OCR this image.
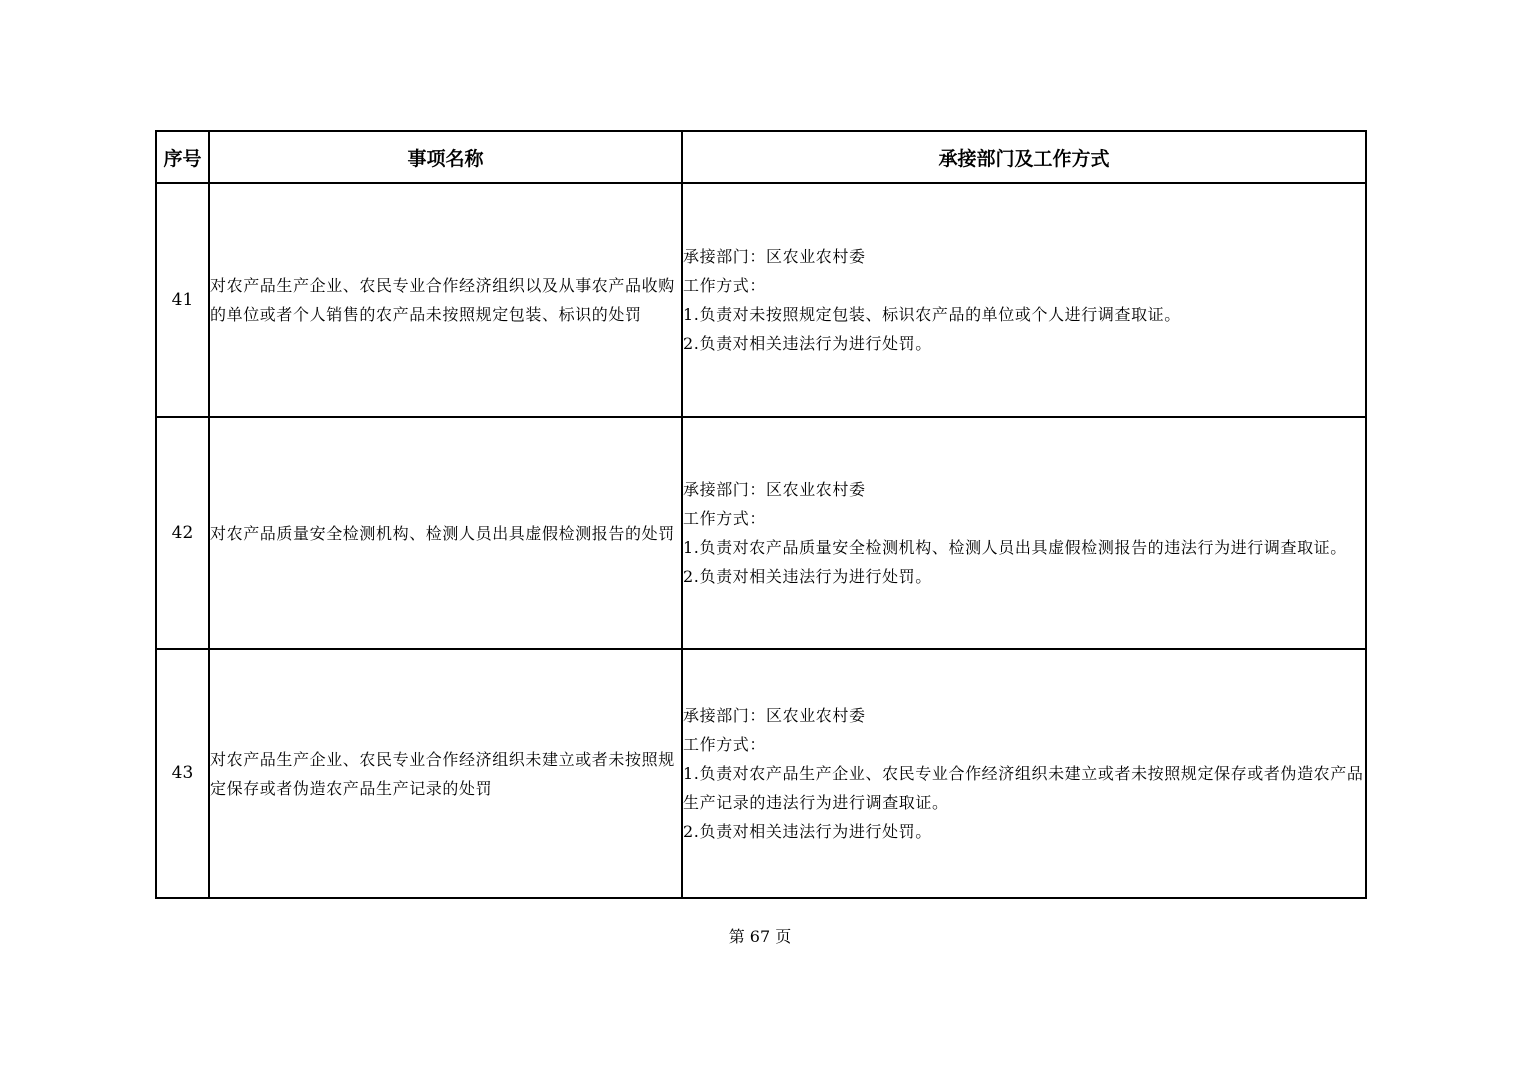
序号	事项名称	承接部门及工作方式
41	对农产品生产企业、农民专业合作经济组织以及从事农产品收购的单位或者个人销售的农产品未按照规定包装、标识的处罚	承接部门：区农业农村委
工作方式：
1.负责对未按照规定包装、标识农产品的单位或个人进行调查取证。
2.负责对相关违法行为进行处罚。

42	对农产品质量安全检测机构、检测人员出具虚假检测报告的处罚	承接部门：区农业农村委
工作方式：
1.负责对农产品质量安全检测机构、检测人员出具虚假检测报告的违法行为进行调查取证。
2.负责对相关违法行为进行处罚。

43	对农产品生产企业、农民专业合作经济组织未建立或者未按照规定保存或者伪造农产品生产记录的处罚	承接部门：区农业农村委
工作方式：
1.负责对农产品生产企业、农民专业合作经济组织未建立或者未按照规定保存或者伪造农产品生产记录的违法行为进行调查取证。
2.负责对相关违法行为进行处罚。
第 67 页
